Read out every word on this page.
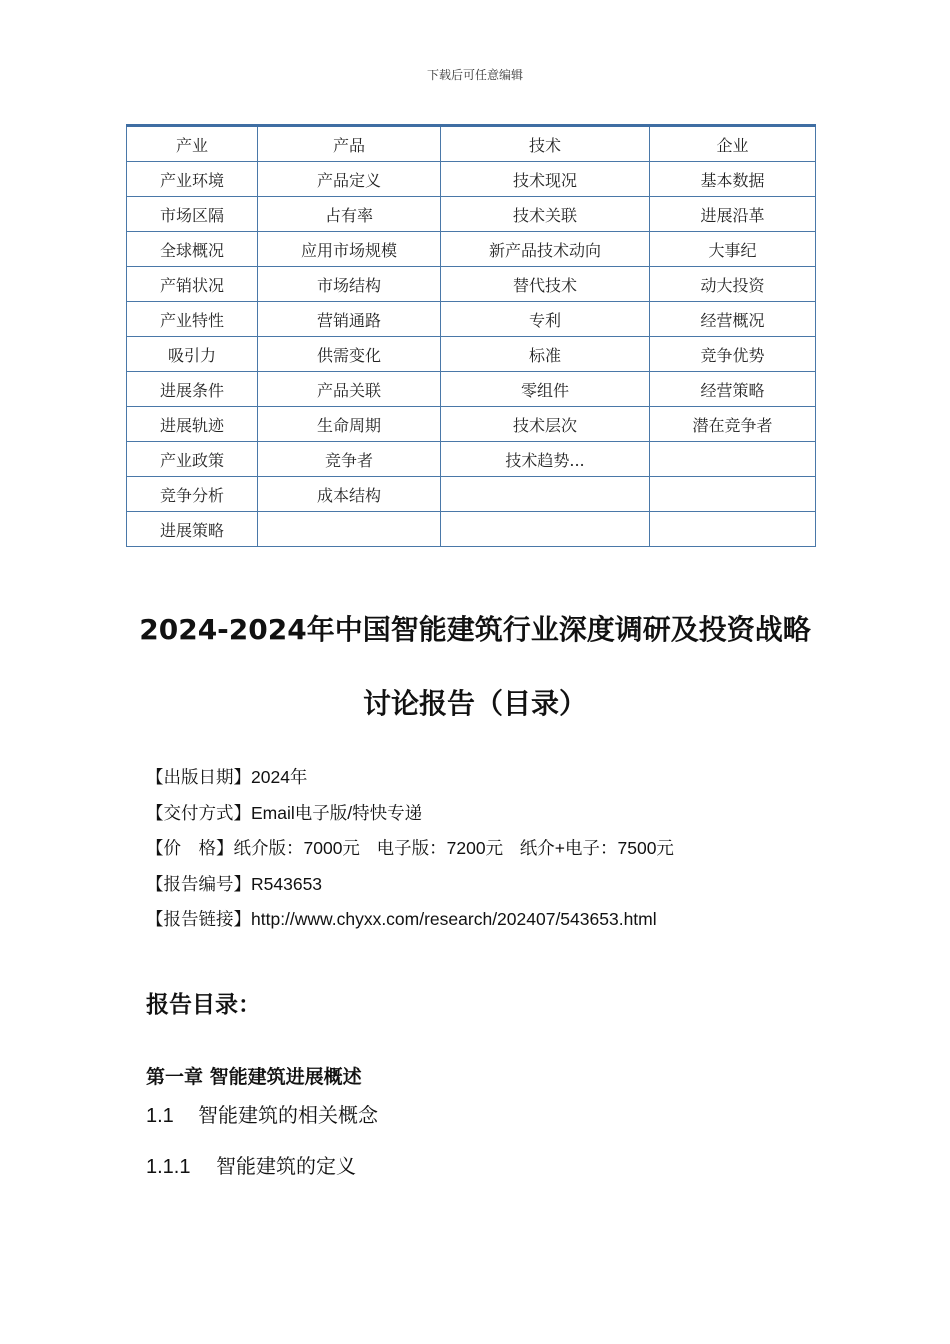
下载后可任意编辑
产业	产品	技术	企业
产业环境	产品定义	技术现况	基本数据
市场区隔	占有率	技术关联	进展沿革
全球概况	应用市场规模	新产品技术动向	大事纪
产销状况	市场结构	替代技术	动大投资
产业特性	营销通路	专利	经营概况
吸引力	供需变化	标准	竞争优势
进展条件	产品关联	零组件	经营策略
进展轨迹	生命周期	技术层次	潜在竞争者
产业政策	竞争者	技术趋势...	
竞争分析	成本结构		
进展策略			
2024-2024年中国智能建筑行业深度调研及投资战略
讨论报告（目录）
【出版日期】2024年
【交付方式】Email电子版/特快专递
【价　格】纸介版：7000元 电子版：7200元 纸介+电子：7500元
【报告编号】R543653
【报告链接】http://www.chyxx.com/research/202407/543653.html
报告目录：
第一章 智能建筑进展概述
1.1 智能建筑的相关概念
1.1.1 智能建筑的定义
